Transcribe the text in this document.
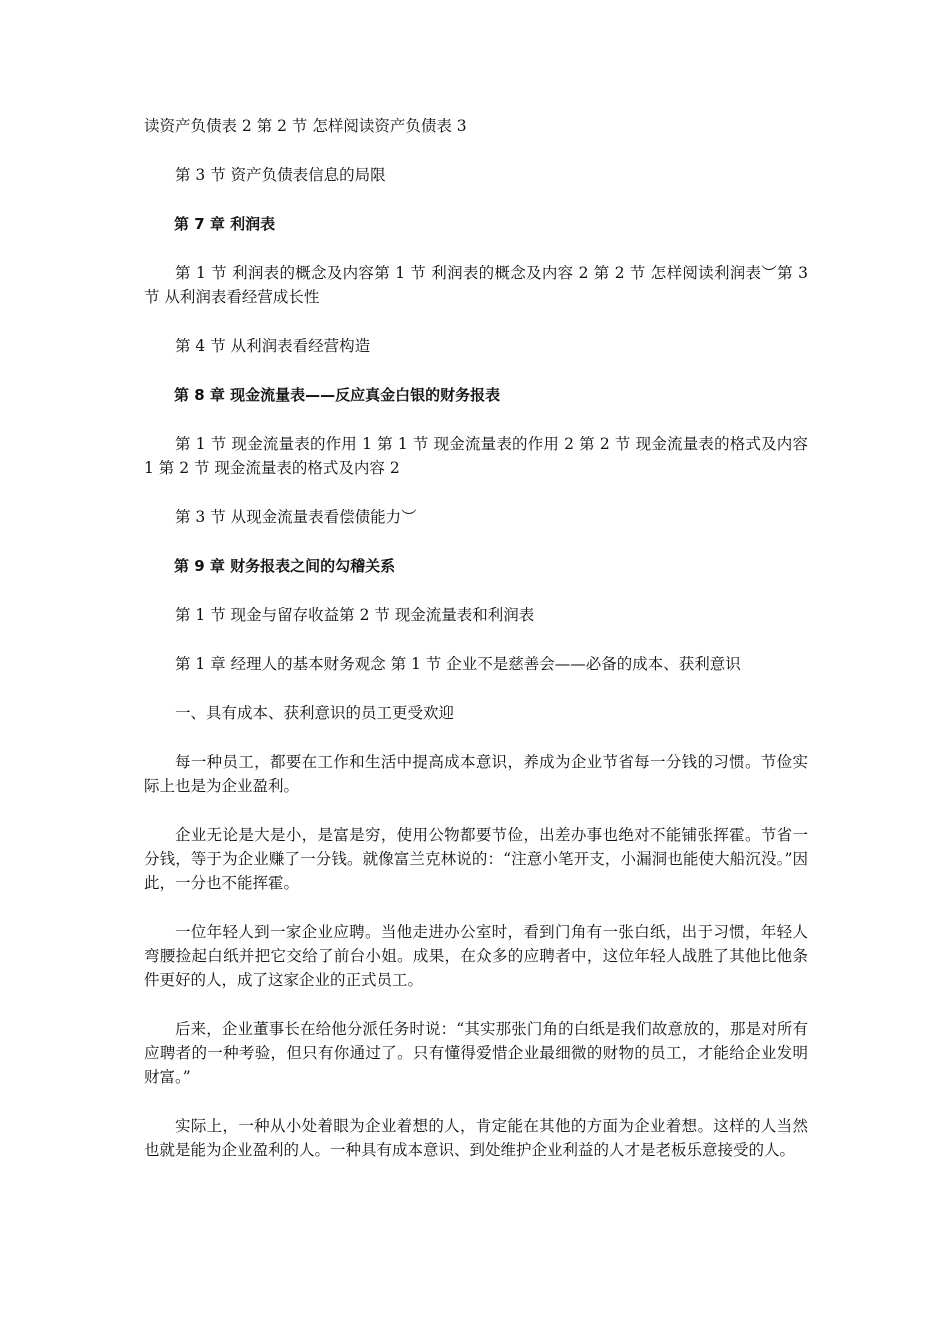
读资产负债表 2 第 2 节 怎样阅读资产负债表 3

第 3 节 资产负债表信息的局限

第 7 章 利润表

第 1 节 利润表的概念及内容第 1 节 利润表的概念及内容 2 第 2 节 怎样阅读利润表︶第 3 节 从利润表看经营成长性

第 4 节 从利润表看经营构造

第 8 章 现金流量表——反应真金白银的财务报表

第 1 节 现金流量表的作用 1 第 1 节 现金流量表的作用 2 第 2 节 现金流量表的格式及内容 1 第 2 节 现金流量表的格式及内容 2

第 3 节 从现金流量表看偿债能力︶

第 9 章 财务报表之间的勾稽关系

第 1 节 现金与留存收益第 2 节 现金流量表和利润表

第 1 章 经理人的基本财务观念 第 1 节 企业不是慈善会——必备的成本、获利意识

一、具有成本、获利意识的员工更受欢迎

每一种员工，都要在工作和生活中提高成本意识，养成为企业节省每一分钱的习惯。节俭实际上也是为企业盈利。

企业无论是大是小，是富是穷，使用公物都要节俭，出差办事也绝对不能铺张挥霍。节省一分钱，等于为企业赚了一分钱。就像富兰克林说的：“注意小笔开支，小漏洞也能使大船沉没。”因此，一分也不能挥霍。

一位年轻人到一家企业应聘。当他走进办公室时，看到门角有一张白纸，出于习惯，年轻人弯腰捡起白纸并把它交给了前台小姐。成果，在众多的应聘者中，这位年轻人战胜了其他比他条件更好的人，成了这家企业的正式员工。

后来，企业董事长在给他分派任务时说：“其实那张门角的白纸是我们故意放的，那是对所有应聘者的一种考验，但只有你通过了。只有懂得爱惜企业最细微的财物的员工，才能给企业发明财富。”

实际上，一种从小处着眼为企业着想的人，肯定能在其他的方面为企业着想。这样的人当然也就是能为企业盈利的人。一种具有成本意识、到处维护企业利益的人才是老板乐意接受的人。
